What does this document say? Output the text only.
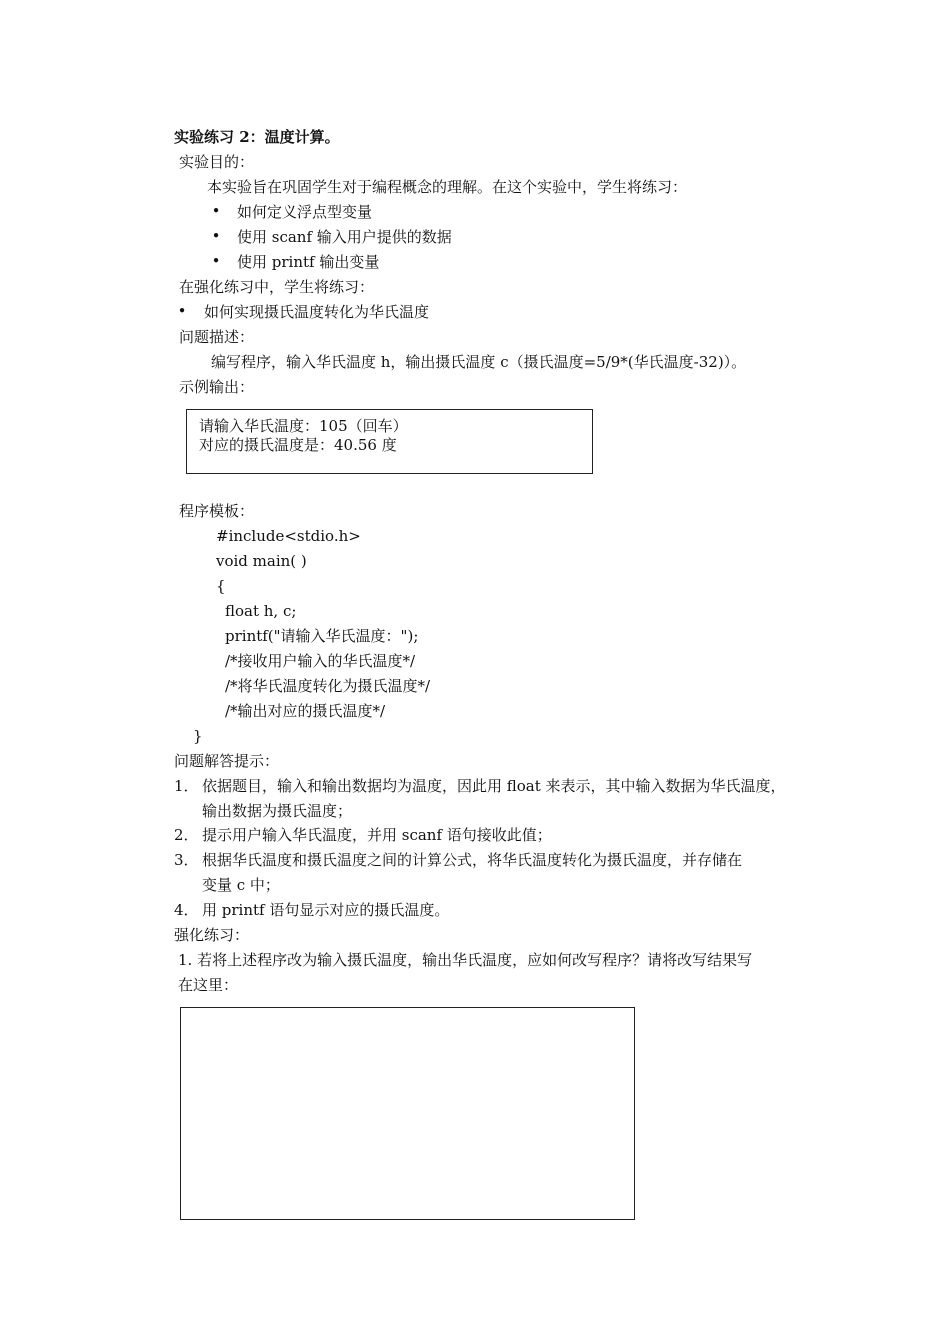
实验练习 2：温度计算。
实验目的：
本实验旨在巩固学生对于编程概念的理解。在这个实验中，学生将练习：
• 如何定义浮点型变量
• 使用 scanf 输入用户提供的数据
• 使用 printf 输出变量
在强化练习中，学生将练习：
• 如何实现摄氏温度转化为华氏温度
问题描述：
编写程序，输入华氏温度 h，输出摄氏温度 c（摄氏温度=5/9*(华氏温度-32)）。
示例输出：
请输入华氏温度：105（回车）
对应的摄氏温度是：40.56 度
程序模板：
#include<stdio.h>
void main( )
{
float h, c;
printf("请输入华氏温度：");
/*接收用户输入的华氏温度*/
/*将华氏温度转化为摄氏温度*/
/*输出对应的摄氏温度*/
}
问题解答提示：
1． 依据题目，输入和输出数据均为温度，因此用 float 来表示，其中输入数据为华氏温度，
输出数据为摄氏温度；
2． 提示用户输入华氏温度，并用 scanf 语句接收此值；
3． 根据华氏温度和摄氏温度之间的计算公式，将华氏温度转化为摄氏温度，并存储在
变量 c 中；
4． 用 printf 语句显示对应的摄氏温度。
强化练习：
1. 若将上述程序改为输入摄氏温度，输出华氏温度，应如何改写程序？请将改写结果写
在这里：
